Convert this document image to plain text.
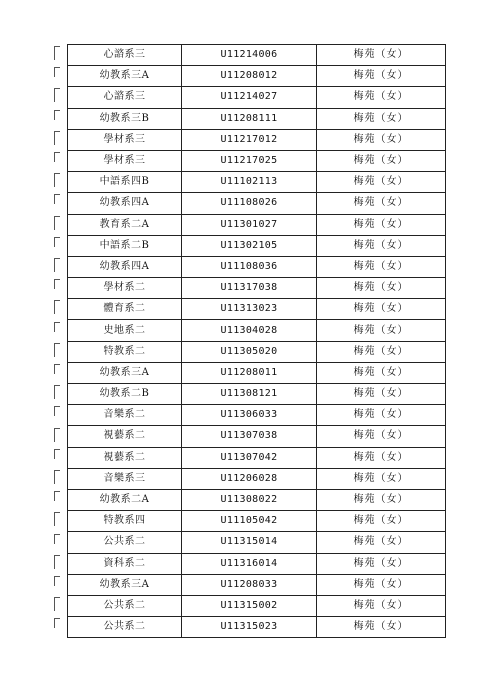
心諮系三	U11214006	梅苑（女）
幼教系三A	U11208012	梅苑（女）
心諮系三	U11214027	梅苑（女）
幼教系三B	U11208111	梅苑（女）
學材系三	U11217012	梅苑（女）
學材系三	U11217025	梅苑（女）
中語系四B	U11102113	梅苑（女）
幼教系四A	U11108026	梅苑（女）
教育系二A	U11301027	梅苑（女）
中語系二B	U11302105	梅苑（女）
幼教系四A	U11108036	梅苑（女）
學材系二	U11317038	梅苑（女）
體育系二	U11313023	梅苑（女）
史地系二	U11304028	梅苑（女）
特教系二	U11305020	梅苑（女）
幼教系三A	U11208011	梅苑（女）
幼教系二B	U11308121	梅苑（女）
音樂系二	U11306033	梅苑（女）
視藝系二	U11307038	梅苑（女）
視藝系二	U11307042	梅苑（女）
音樂系三	U11206028	梅苑（女）
幼教系二A	U11308022	梅苑（女）
特教系四	U11105042	梅苑（女）
公共系二	U11315014	梅苑（女）
資科系二	U11316014	梅苑（女）
幼教系三A	U11208033	梅苑（女）
公共系二	U11315002	梅苑（女）
公共系二	U11315023	梅苑（女）
